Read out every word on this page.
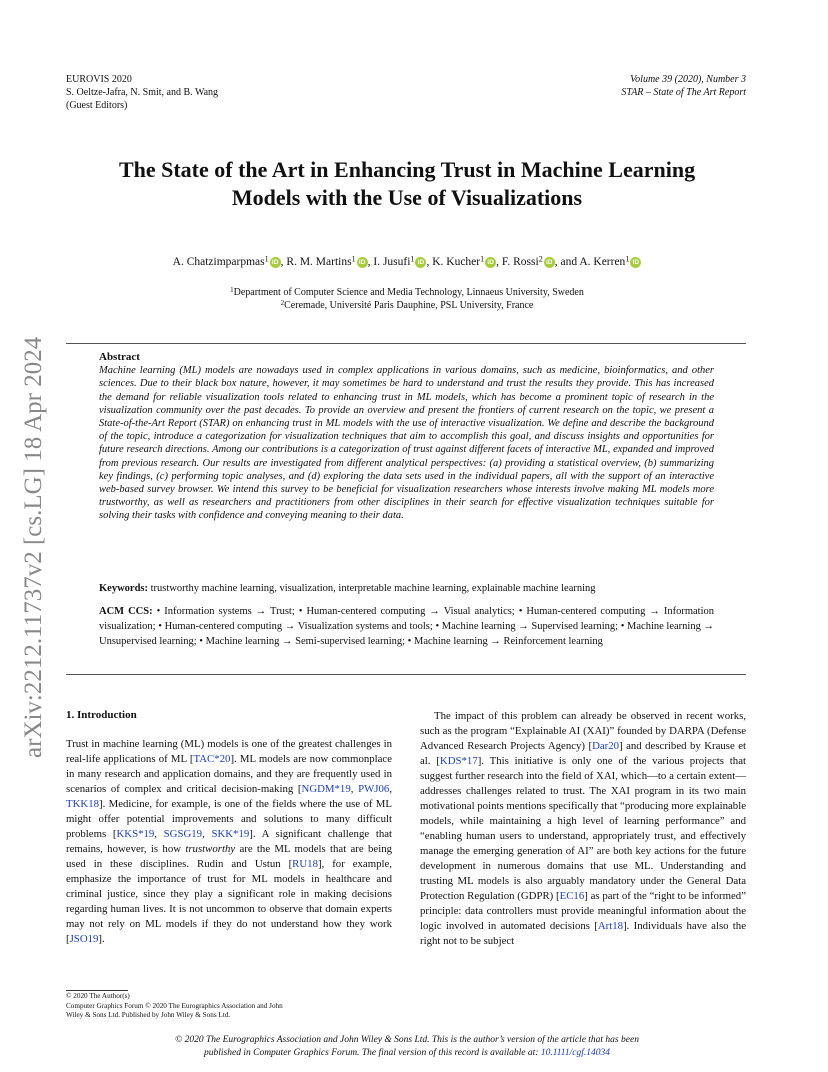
arXiv:2212.11737v2 [cs.LG] 18 Apr 2024
EUROVIS 2020
S. Oeltze-Jafra, N. Smit, and B. Wang
(Guest Editors)
Volume 39 (2020), Number 3
STAR – State of The Art Report
The State of the Art in Enhancing Trust in Machine Learning
Models with the Use of Visualizations
A. Chatzimparpmas$^1$ iD , R. M. Martins$^1$ iD , I. Jusufi$^1$ iD , K. Kucher$^1$ iD , F. Rossi$^2$ iD , and A. Kerren$^1$ iD
$^1$Department of Computer Science and Media Technology, Linnaeus University, Sweden
$^2$Ceremade, Université Paris Dauphine, PSL University, France
Abstract

Machine learning (ML) models are nowadays used in complex applications in various domains, such as medicine, bioinformatics, and other sciences. Due to their black box nature, however, it may sometimes be hard to understand and trust the results they provide. This has increased the demand for reliable visualization tools related to enhancing trust in ML models, which has become a prominent topic of research in the visualization community over the past decades. To provide an overview and present the frontiers of current research on the topic, we present a State-of-the-Art Report (STAR) on enhancing trust in ML models with the use of interactive visualization. We define and describe the background of the topic, introduce a categorization for visualization techniques that aim to accomplish this goal, and discuss insights and opportunities for future research directions. Among our contributions is a categorization of trust against different facets of interactive ML, expanded and improved from previous research. Our results are investigated from different analytical perspectives: (a) providing a statistical overview, (b) summarizing key findings, (c) performing topic analyses, and (d) exploring the data sets used in the individual papers, all with the support of an interactive web-based survey browser. We intend this survey to be beneficial for visualization researchers whose interests involve making ML models more trustworthy, as well as researchers and practitioners from other disciplines in their search for effective visualization techniques suitable for solving their tasks with confidence and conveying meaning to their data.

Keywords: trustworthy machine learning, visualization, interpretable machine learning, explainable machine learning
ACM CCS: • Information systems → Trust; • Human-centered computing → Visual analytics; • Human-centered computing → Information visualization; • Human-centered computing → Visualization systems and tools; • Machine learning → Supervised learning; • Machine learning → Unsupervised learning; • Machine learning → Semi-supervised learning; • Machine learning → Reinforcement learning
1. Introduction

Trust in machine learning (ML) models is one of the greatest challenges in real-life applications of ML [TAC*20]. ML models are now commonplace in many research and application domains, and they are frequently used in scenarios of complex and critical decision-making [NGDM*19, PWJ06, TKK18]. Medicine, for example, is one of the fields where the use of ML might offer potential improvements and solutions to many difficult problems [KKS*19, SGSG19, SKK*19]. A significant challenge that remains, however, is how trustworthy are the ML models that are being used in these disciplines. Rudin and Ustun [RU18], for example, emphasize the importance of trust for ML models in healthcare and criminal justice, since they play a significant role in making decisions regarding human lives. It is not uncommon to observe that domain experts may not rely on ML models if they do not understand how they work [JSO19].

The impact of this problem can already be observed in recent works, such as the program “Explainable AI (XAI)” founded by DARPA (Defense Advanced Research Projects Agency) [Dar20] and described by Krause et al. [KDS*17]. This initiative is only one of the various projects that suggest further research into the field of XAI, which—to a certain extent—addresses challenges related to trust. The XAI program in its two main motivational points mentions specifically that “producing more explainable models, while maintaining a high level of learning performance” and “enabling human users to understand, appropriately trust, and effectively manage the emerging generation of AI” are both key actions for the future development in numerous domains that use ML. Understanding and trusting ML models is also arguably mandatory under the General Data Protection Regulation (GDPR) [EC16] as part of the “right to be informed” principle: data controllers must provide meaningful information about the logic involved in automated decisions [Art18]. Individuals have also the right not to be subject

© 2020 The Author(s)
Computer Graphics Forum © 2020 The Eurographics Association and John
Wiley & Sons Ltd. Published by John Wiley & Sons Ltd.
© 2020 The Eurographics Association and John Wiley & Sons Ltd. This is the author’s version of the article that has been
published in Computer Graphics Forum. The final version of this record is available at: 10.1111/cgf.14034
